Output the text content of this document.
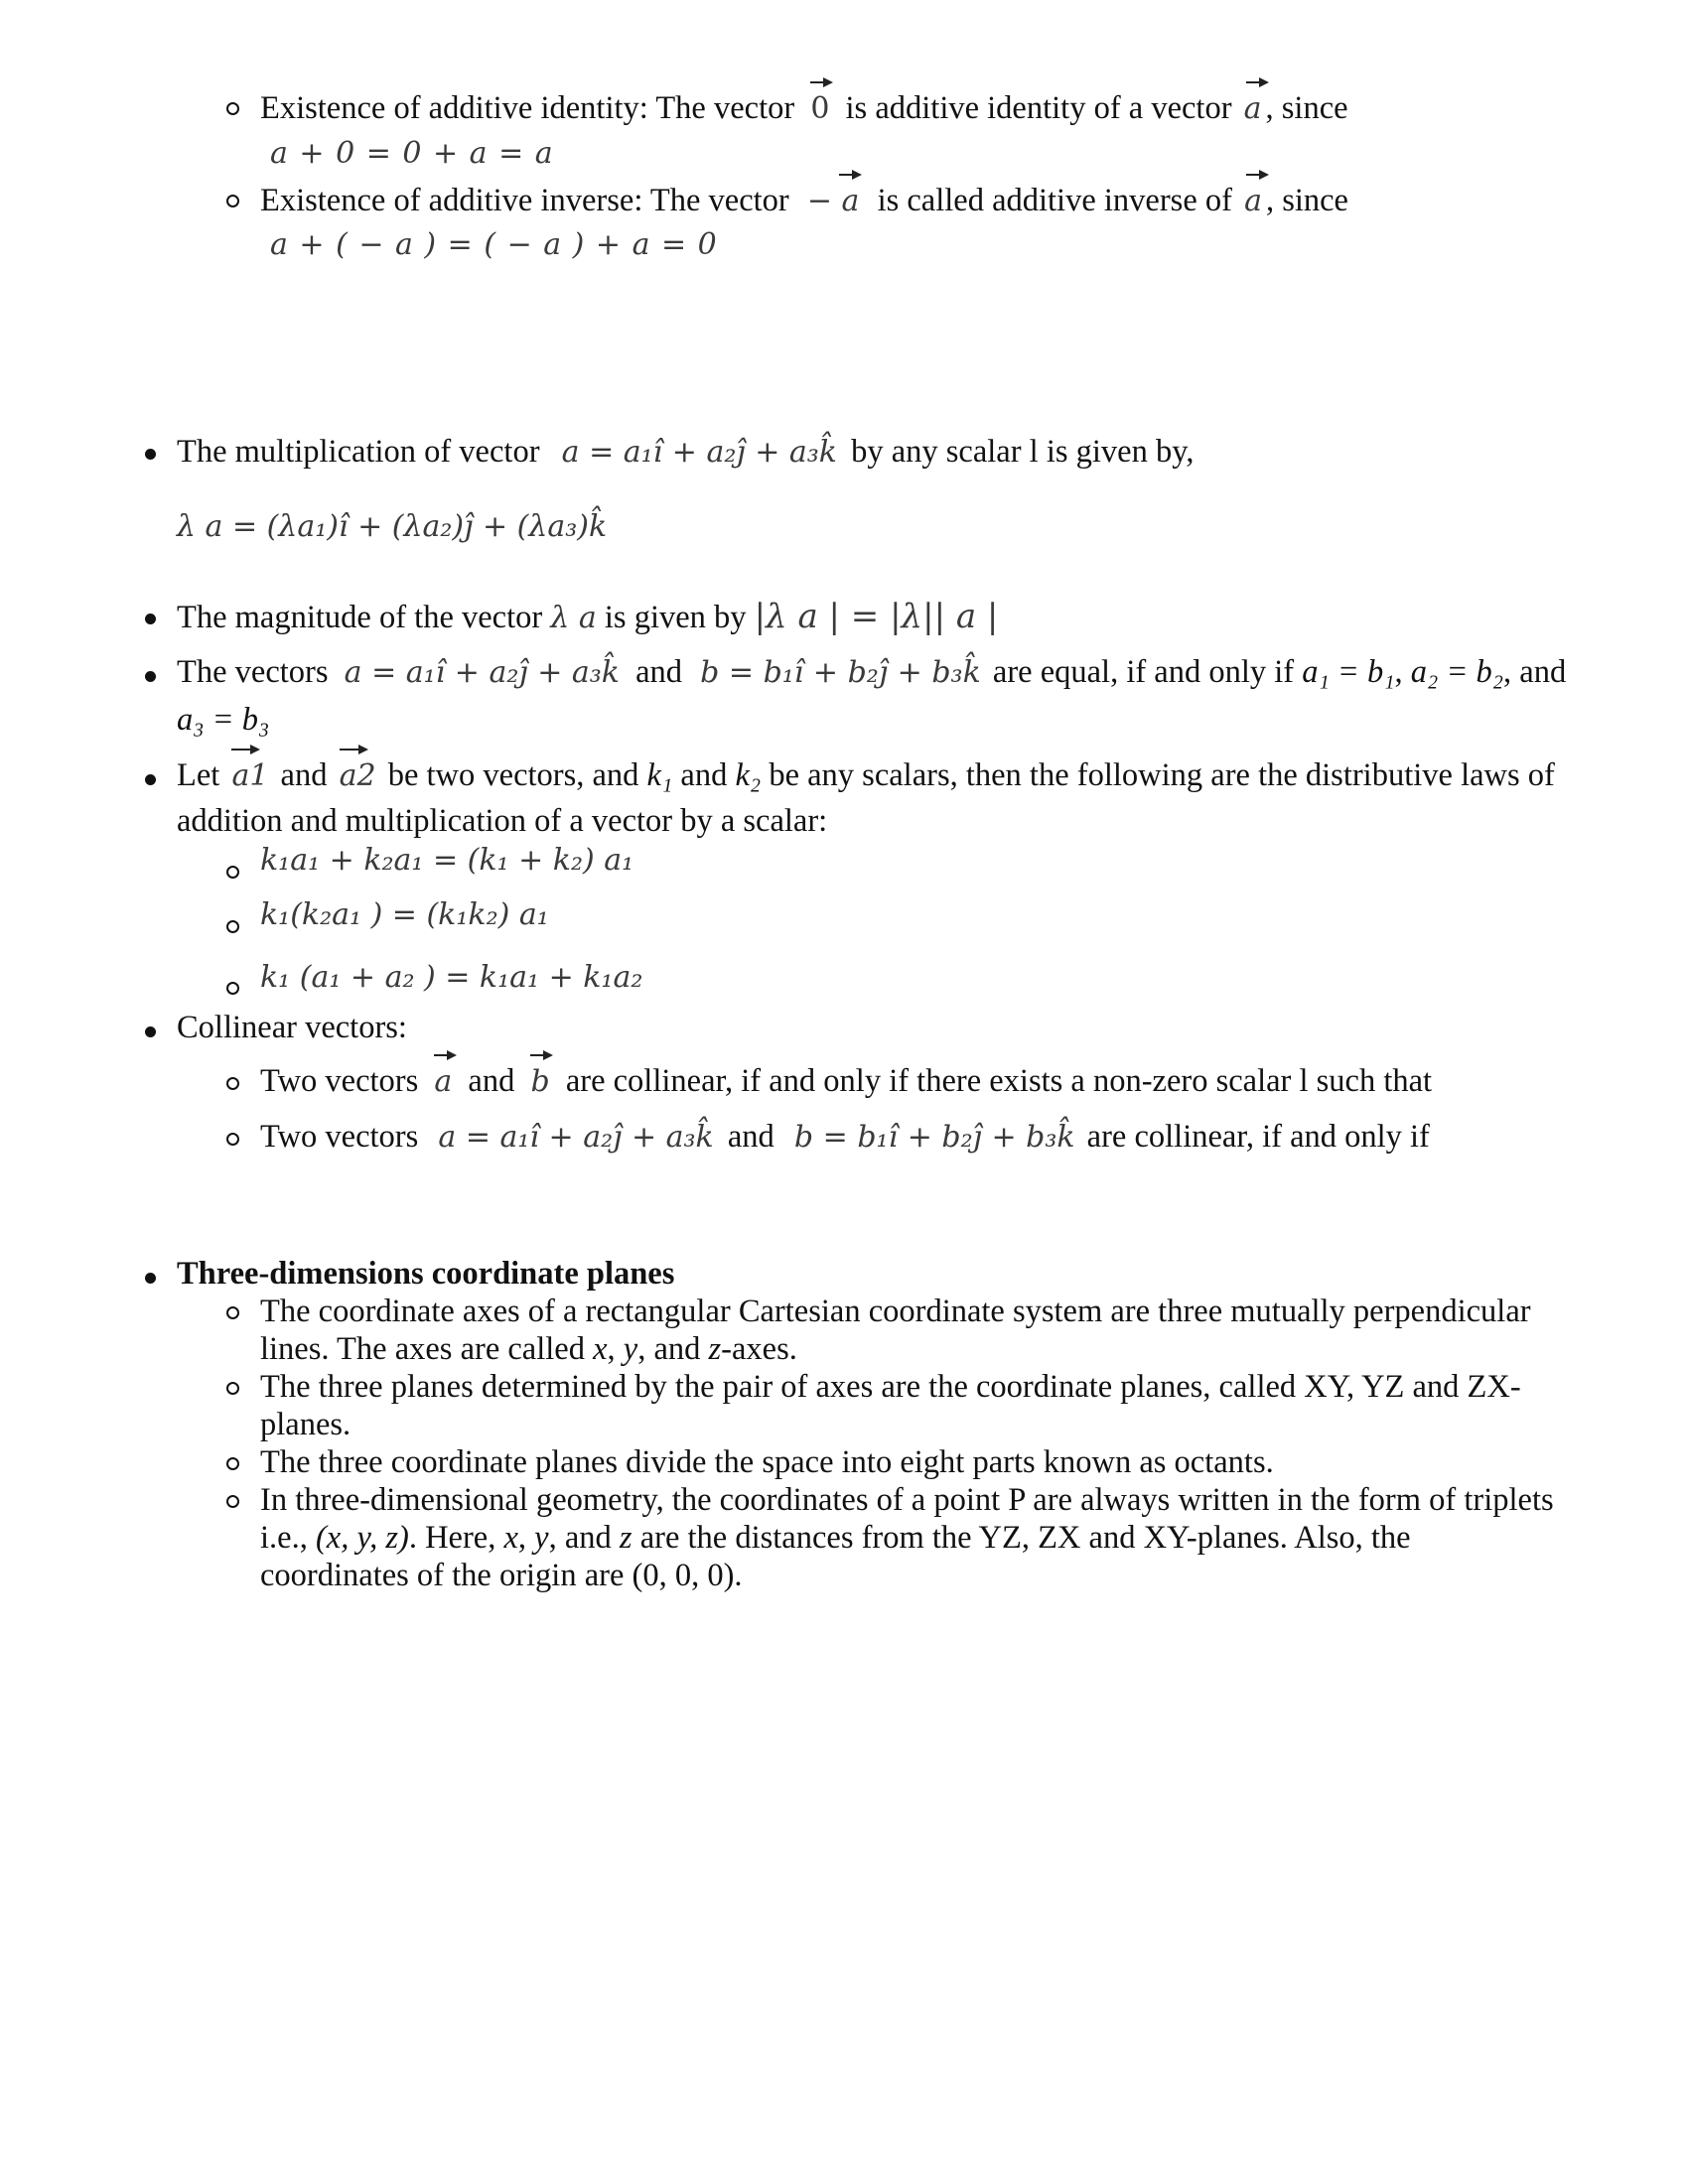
Existence of additive identity: The vector 0 is additive identity of a vector a , since
a + 0 = 0 + a = a
Existence of additive inverse: The vector − a is called additive inverse of a , since
a + ( − a ) = ( − a ) + a = 0
The multiplication of vector a = a₁î + a₂ĵ + a₃k̂ by any scalar l is given by,
λ a = (λa₁)î + (λa₂)ĵ + (λa₃)k̂
The magnitude of the vector λ a is given by |λ a | = |λ|| a |
The vectors a = a₁î + a₂ĵ + a₃k̂ and b = b₁î + b₂ĵ + b₃k̂ are equal, if and only if a₁ = b₁, a₂ = b₂, and
a₃ = b₃
Let a1 and a2 be two vectors, and k₁ and k₂ be any scalars, then the following are the distributive laws of
addition and multiplication of a vector by a scalar:
k₁a₁ + k₂a₁ = (k₁ + k₂) a₁
k₁(k₂a₁ ) = (k₁k₂) a₁
k₁ (a₁ + a₂ ) = k₁a₁ + k₁a₂
Collinear vectors:
Two vectors a and b are collinear, if and only if there exists a non-zero scalar l such that
Two vectors a = a₁î + a₂ĵ + a₃k̂ and b = b₁î + b₂ĵ + b₃k̂ are collinear, if and only if
Three-dimensions coordinate planes
The coordinate axes of a rectangular Cartesian coordinate system are three mutually perpendicular
lines. The axes are called x, y, and z-axes.
The three planes determined by the pair of axes are the coordinate planes, called XY, YZ and ZX-
planes.
The three coordinate planes divide the space into eight parts known as octants.
In three-dimensional geometry, the coordinates of a point P are always written in the form of triplets
i.e., (x, y, z). Here, x, y, and z are the distances from the YZ, ZX and XY-planes. Also, the
coordinates of the origin are (0, 0, 0).
